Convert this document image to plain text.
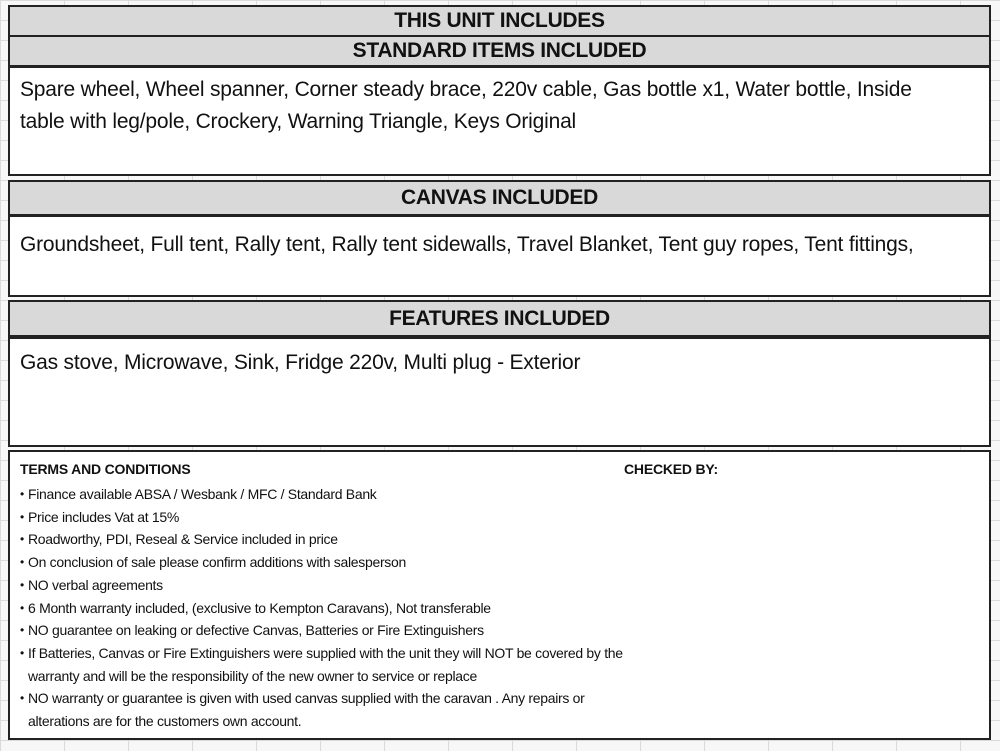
THIS UNIT INCLUDES
STANDARD ITEMS INCLUDED
Spare wheel, Wheel spanner, Corner steady brace, 220v cable, Gas bottle x1, Water bottle, Inside
table with leg/pole, Crockery, Warning Triangle, Keys Original
CANVAS INCLUDED
Groundsheet, Full tent, Rally tent, Rally tent sidewalls, Travel Blanket, Tent guy ropes, Tent fittings,
FEATURES INCLUDED
Gas stove, Microwave, Sink, Fridge 220v, Multi plug - Exterior
TERMS AND CONDITIONS	CHECKED BY:
• Finance available ABSA / Wesbank / MFC / Standard Bank
• Price includes Vat at 15%
• Roadworthy, PDI, Reseal & Service included in price
• On conclusion of sale please confirm additions with salesperson
• NO verbal agreements
• 6 Month warranty included, (exclusive to Kempton Caravans), Not transferable
• NO guarantee on leaking or defective Canvas, Batteries or Fire Extinguishers
• If Batteries, Canvas or Fire Extinguishers were supplied with the unit they will NOT be covered by the
warranty and will be the responsibility of the new owner to service or replace
• NO warranty or guarantee is given with used canvas supplied with the caravan . Any repairs or
alterations are for the customers own account.
